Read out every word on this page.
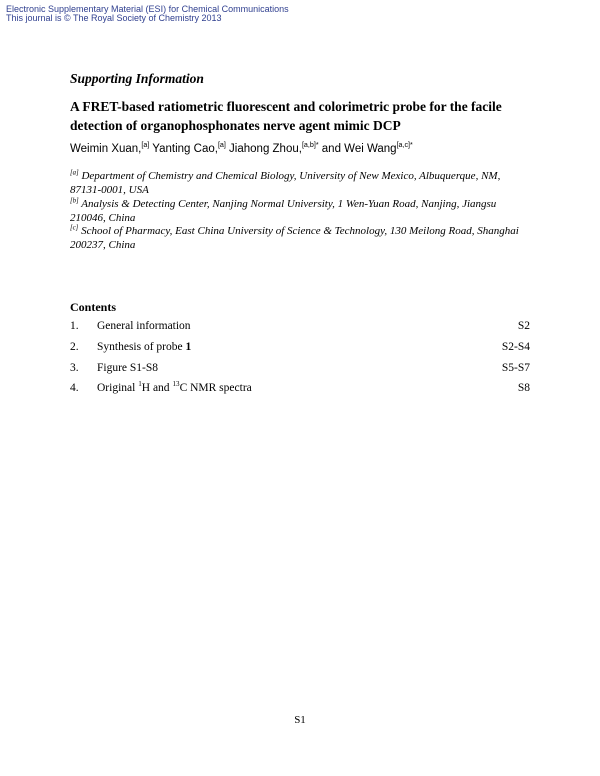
Electronic Supplementary Material (ESI) for Chemical Communications
This journal is © The Royal Society of Chemistry 2013
Supporting Information
A FRET-based ratiometric fluorescent and colorimetric probe for the facile detection of organophosphonates nerve agent mimic DCP
Weimin Xuan,[a] Yanting Cao,[a] Jiahong Zhou,$^{[a,b]*}$ and Wei Wang$^{[a,c]*}$
[a] Department of Chemistry and Chemical Biology, University of New Mexico, Albuquerque, NM, 87131-0001, USA
[b] Analysis & Detecting Center, Nanjing Normal University, 1 Wen-Yuan Road, Nanjing, Jiangsu 210046, China
[c] School of Pharmacy, East China University of Science & Technology, 130 Meilong Road, Shanghai 200237, China
Contents
1. General information	S2
2. Synthesis of probe 1	S2-S4
3. Figure S1-S8	S5-S7
4. Original $^1$H and $^{13}$C NMR spectra	S8
S1
